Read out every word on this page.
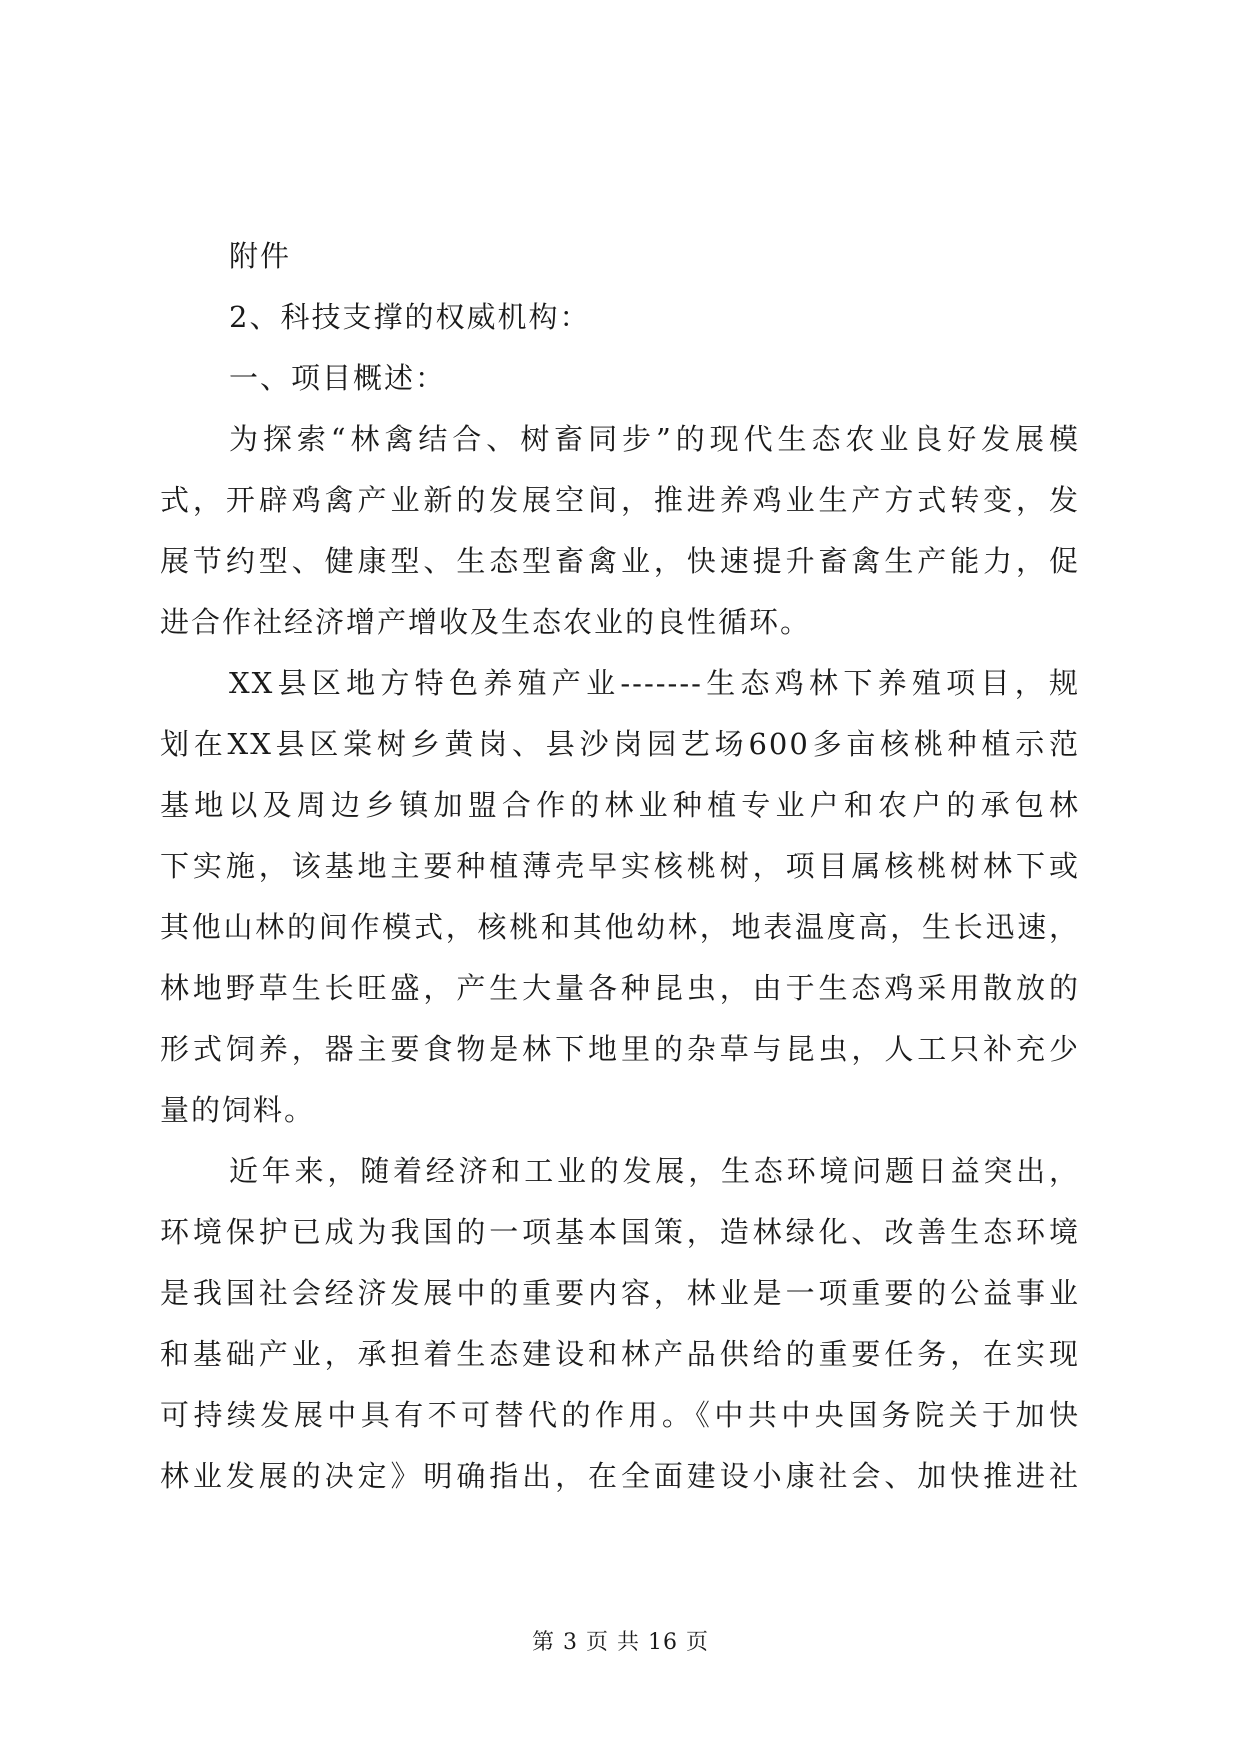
附件
2、科技支撑的权威机构：
一、项目概述：
为探索“林禽结合、树畜同步”的现代生态农业良好发展模
式，开辟鸡禽产业新的发展空间，推进养鸡业生产方式转变，发
展节约型、健康型、生态型畜禽业，快速提升畜禽生产能力，促
进合作社经济增产增收及生态农业的良性循环。
XX县区地方特色养殖产业-------生态鸡林下养殖项目，规
划在XX县区棠树乡黄岗、县沙岗园艺场600多亩核桃种植示范
基地以及周边乡镇加盟合作的林业种植专业户和农户的承包林
下实施，该基地主要种植薄壳早实核桃树，项目属核桃树林下或
其他山林的间作模式，核桃和其他幼林，地表温度高，生长迅速，
林地野草生长旺盛，产生大量各种昆虫，由于生态鸡采用散放的
形式饲养，器主要食物是林下地里的杂草与昆虫，人工只补充少
量的饲料。
近年来，随着经济和工业的发展，生态环境问题日益突出，
环境保护已成为我国的一项基本国策，造林绿化、改善生态环境
是我国社会经济发展中的重要内容，林业是一项重要的公益事业
和基础产业，承担着生态建设和林产品供给的重要任务，在实现
可持续发展中具有不可替代的作用。《中共中央国务院关于加快
林业发展的决定》明确指出，在全面建设小康社会、加快推进社
第 3 页 共 16 页
